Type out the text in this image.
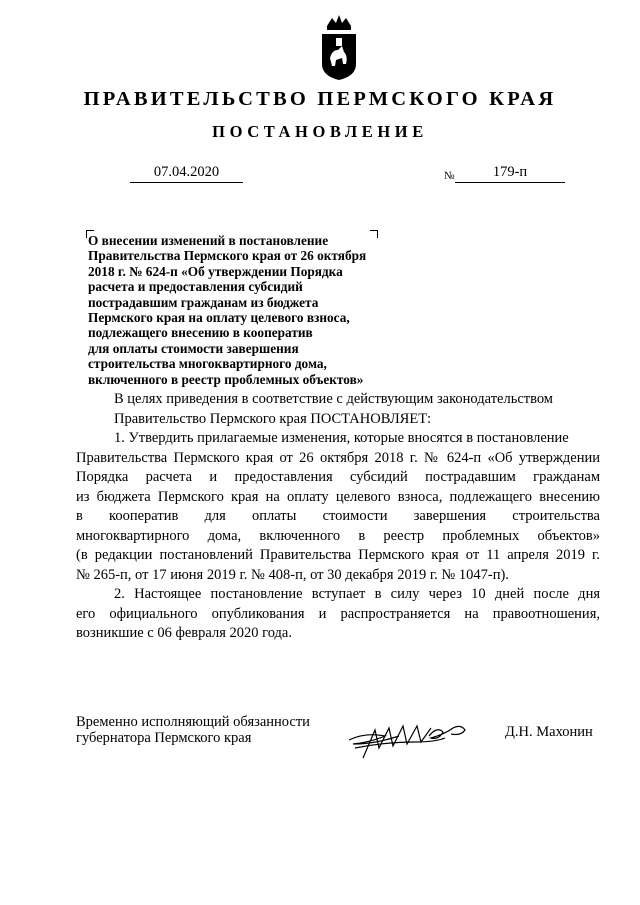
ПРАВИТЕЛЬСТВО ПЕРМСКОГО КРАЯ
ПОСТАНОВЛЕНИЕ
07.04.2020	№	179-п
О внесении изменений в постановление
Правительства Пермского края от 26 октября
2018 г. № 624-п «Об утверждении Порядка
расчета и предоставления субсидий
пострадавшим гражданам из бюджета
Пермского края на оплату целевого взноса,
подлежащего внесению в кооператив
для оплаты стоимости завершения
строительства многоквартирного дома,
включенного в реестр проблемных объектов»
В целях приведения в соответствие с действующим законодательством
Правительство Пермского края ПОСТАНОВЛЯЕТ:
1. Утвердить прилагаемые изменения, которые вносятся в постановление
Правительства Пермского края от 26 октября 2018 г. № 624-п «Об утверждении
Порядка расчета и предоставления субсидий пострадавшим гражданам
из бюджета Пермского края на оплату целевого взноса, подлежащего внесению
в кооператив для оплаты стоимости завершения строительства
многоквартирного дома, включенного в реестр проблемных объектов»
(в редакции постановлений Правительства Пермского края от 11 апреля 2019 г.
№ 265-п, от 17 июня 2019 г. № 408-п, от 30 декабря 2019 г. № 1047-п).
2. Настоящее постановление вступает в силу через 10 дней после дня
его официального опубликования и распространяется на правоотношения,
возникшие с 06 февраля 2020 года.
Временно исполняющий обязанности
губернатора Пермского края	Д.Н. Махонин
